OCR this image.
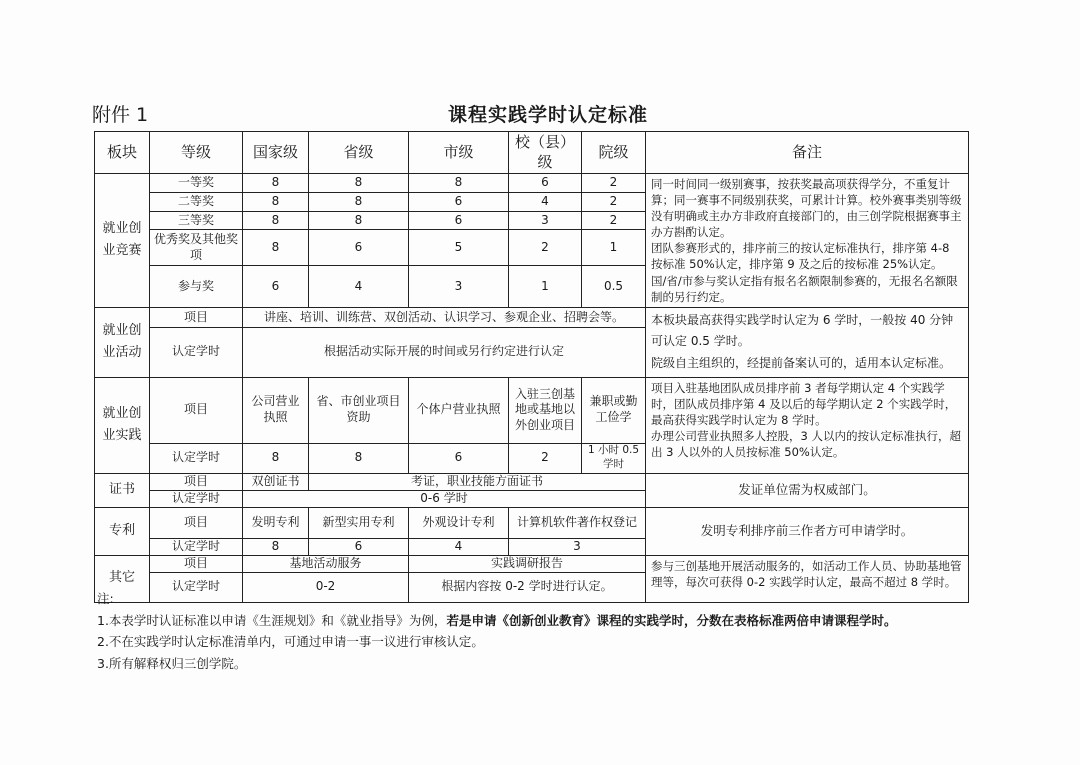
附件 1	课程实践学时认定标准
板块	等级	国家级	省级	市级	校（县）级	院级	备注
就业创业竞赛	一等奖	8	8	8	6	2	同一时间同一级别赛事，按获奖最高项获得学分，不重复计算；同一赛事不同级别获奖，可累计计算。校外赛事类别等级没有明确或主办方非政府直接部门的，由三创学院根据赛事主办方斟酌认定。
团队参赛形式的，排序前三的按认定标准执行，排序第 4-8 按标准 50%认定，排序第 9 及之后的按标准 25%认定。
国/省/市参与奖认定指有报名名额限制参赛的，无报名名额限制的另行约定。

	二等奖	8	8	6	4	2	
	三等奖	8	8	6	3	2	
	优秀奖及其他奖项	8	6	5	2	1	
	参与奖	6	4	3	1	0.5	
就业创业活动	项目	讲座、培训、训练营、双创活动、认识学习、参观企业、招聘会等。					本板块最高获得实践学时认定为 6 学时，一般按 40 分钟可认定 0.5 学时。
院级自主组织的，经提前备案认可的，适用本认定标准。

	认定学时	根据活动实际开展的时间或另行约定进行认定					
就业创业实践	项目	公司营业执照	省、市创业项目资助	个体户营业执照	入驻三创基地或基地以外创业项目	兼职或勤工俭学	项目入驻基地团队成员排序前 3 者每学期认定 4 个实践学时，团队成员排序第 4 及以后的每学期认定 2 个实践学时，最高获得实践学时认定为 8 学时。
办理公司营业执照多人控股，3 人以内的按认定标准执行，超出 3 人以外的人员按标准 50%认定。

	认定学时	8	8	6	2	1 小时 0.5 学时	
证书	项目	双创证书	考证，职业技能方面证书				发证单位需为权威部门。
	认定学时	0-6 学时					
专利	项目	发明专利	新型实用专利	外观设计专利	计算机软件著作权登记		发明专利排序前三作者方可申请学时。
	认定学时	8	6	4	3		
其它	项目	基地活动服务		实践调研报告			参与三创基地开展活动服务的，如活动工作人员、协助基地管理等，每次可获得 0-2 实践学时认定，最高不超过 8 学时。
	认定学时	0-2		根据内容按 0-2 学时进行认定。			
注:
1.本表学时认证标准以申请《生涯规划》和《就业指导》为例，若是申请《创新创业教育》课程的实践学时，分数在表格标准两倍申请课程学时。
2.不在实践学时认定标准清单内，可通过申请一事一议进行审核认定。
3.所有解释权归三创学院。
